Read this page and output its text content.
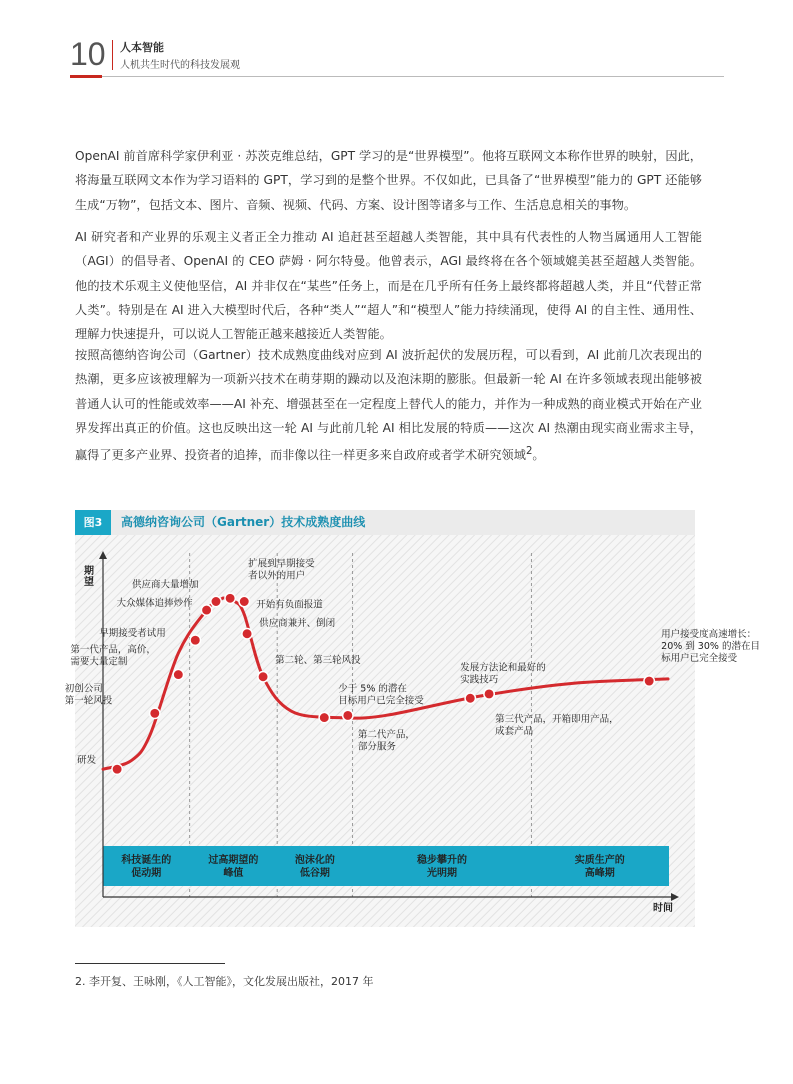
10 人本智能
人机共生时代的科技发展观

OpenAI 前首席科学家伊利亚 · 苏茨克维总结，GPT 学习的是“世界模型”。他将互联网文本称作世界的映射，因此，将海量互联网文本作为学习语料的 GPT，学习到的是整个世界。不仅如此，已具备了“世界模型”能力的 GPT 还能够生成“万物”，包括文本、图片、音频、视频、代码、方案、设计图等诸多与工作、生活息息相关的事物。

AI 研究者和产业界的乐观主义者正全力推动 AI 追赶甚至超越人类智能，其中具有代表性的人物当属通用人工智能（AGI）的倡导者、OpenAI 的 CEO 萨姆 · 阿尔特曼。他曾表示，AGI 最终将在各个领域媲美甚至超越人类智能。他的技术乐观主义使他坚信，AI 并非仅在“某些”任务上，而是在几乎所有任务上最终都将超越人类，并且“代替正常人类”。特别是在 AI 进入大模型时代后，各种“类人”“超人”和“模型人”能力持续涌现，使得 AI 的自主性、通用性、理解力快速提升，可以说人工智能正越来越接近人类智能。

按照高德纳咨询公司（Gartner）技术成熟度曲线对应到 AI 波折起伏的发展历程，可以看到，AI 此前几次表现出的热潮，更多应该被理解为一项新兴技术在萌芽期的躁动以及泡沫期的膨胀。但最新一轮 AI 在许多领域表现出能够被普通人认可的性能或效率——AI 补充、增强甚至在一定程度上替代人的能力，并作为一种成熟的商业模式开始在产业界发挥出真正的价值。这也反映出这一轮 AI 与此前几轮 AI 相比发展的特质——这次 AI 热潮由现实商业需求主导，赢得了更多产业界、投资者的追捧，而非像以往一样更多来自政府或者学术研究领域$^2$。

图3	高德纳咨询公司（Gartner）技术成熟度曲线
科技诞生的促动期
过高期望的峰值
泡沫化的低谷期
稳步攀升的光明期
实质生产的高峰期
期望
时间
研发
初创公司第一轮风投
第一代产品，高价，需要大量定制
早期接受者试用
大众媒体追捧炒作
供应商大量增加
扩展到早期接受者以外的用户
开始有负面报道
供应商兼并、倒闭
第二轮、第三轮风投
少于 5% 的潜在目标用户已完全接受
第二代产品，部分服务
发展方法论和最好的实践技巧
第三代产品，开箱即用产品，成套产品
用户接受度高速增长： 20% 到 30% 的潜在目标用户已完全接受
2. 李开复、王咏刚，《人工智能》，文化发展出版社，2017 年
